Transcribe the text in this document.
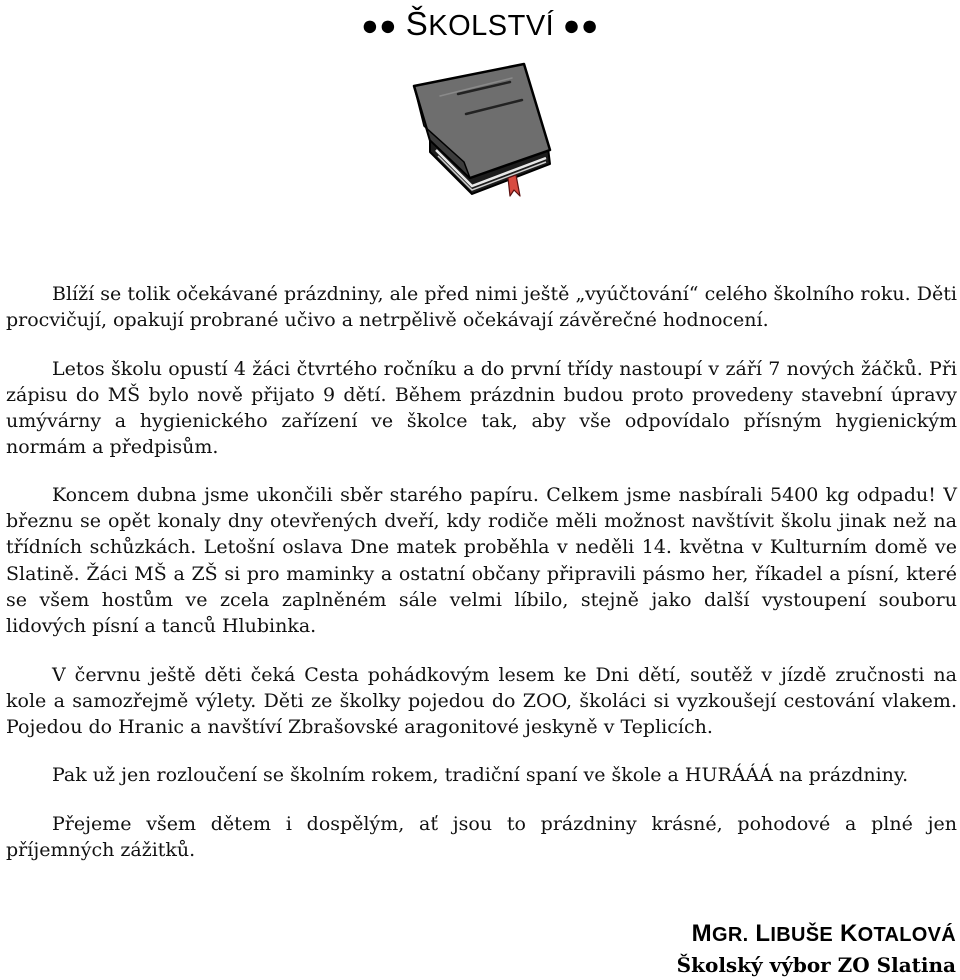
●● ŠKOLSTVÍ ●●

Blíží se tolik očekávané prázdniny, ale před nimi ještě „vyúčtování“ celého školního roku. Děti procvičují, opakují probrané učivo a netrpělivě očekávají závěrečné hodnocení.

Letos školu opustí 4 žáci čtvrtého ročníku a do první třídy nastoupí v září 7 nových žáčků. Při zápisu do MŠ bylo nově přijato 9 dětí. Během prázdnin budou proto provedeny stavební úpravy umývárny a hygienického zařízení ve školce tak, aby vše odpovídalo přísným hygienickým normám a předpisům.

Koncem dubna jsme ukončili sběr starého papíru. Celkem jsme nasbírali 5400 kg odpadu! V březnu se opět konaly dny otevřených dveří, kdy rodiče měli možnost navštívit školu jinak než na třídních schůzkách. Letošní oslava Dne matek proběhla v neděli 14. května v Kulturním domě ve Slatině. Žáci MŠ a ZŠ si pro maminky a ostatní občany připravili pásmo her, říkadel a písní, které se všem hostům ve zcela zaplněném sále velmi líbilo, stejně jako další vystoupení souboru lidových písní a tanců Hlubinka.

V červnu ještě děti čeká Cesta pohádkovým lesem ke Dni dětí, soutěž v jízdě zručnosti na kole a samozřejmě výlety. Děti ze školky pojedou do ZOO, školáci si vyzkoušejí cestování vlakem. Pojedou do Hranic a navštíví Zbrašovské aragonitové jeskyně v Teplicích.

Pak už jen rozloučení se školním rokem, tradiční spaní ve škole a HURÁÁÁ na prázdniny.

Přejeme všem dětem i dospělým, ať jsou to prázdniny krásné, pohodové a plné jen příjemných zážitků.

MGR. LIBUŠE KOTALOVÁ
Školský výbor ZO Slatina
